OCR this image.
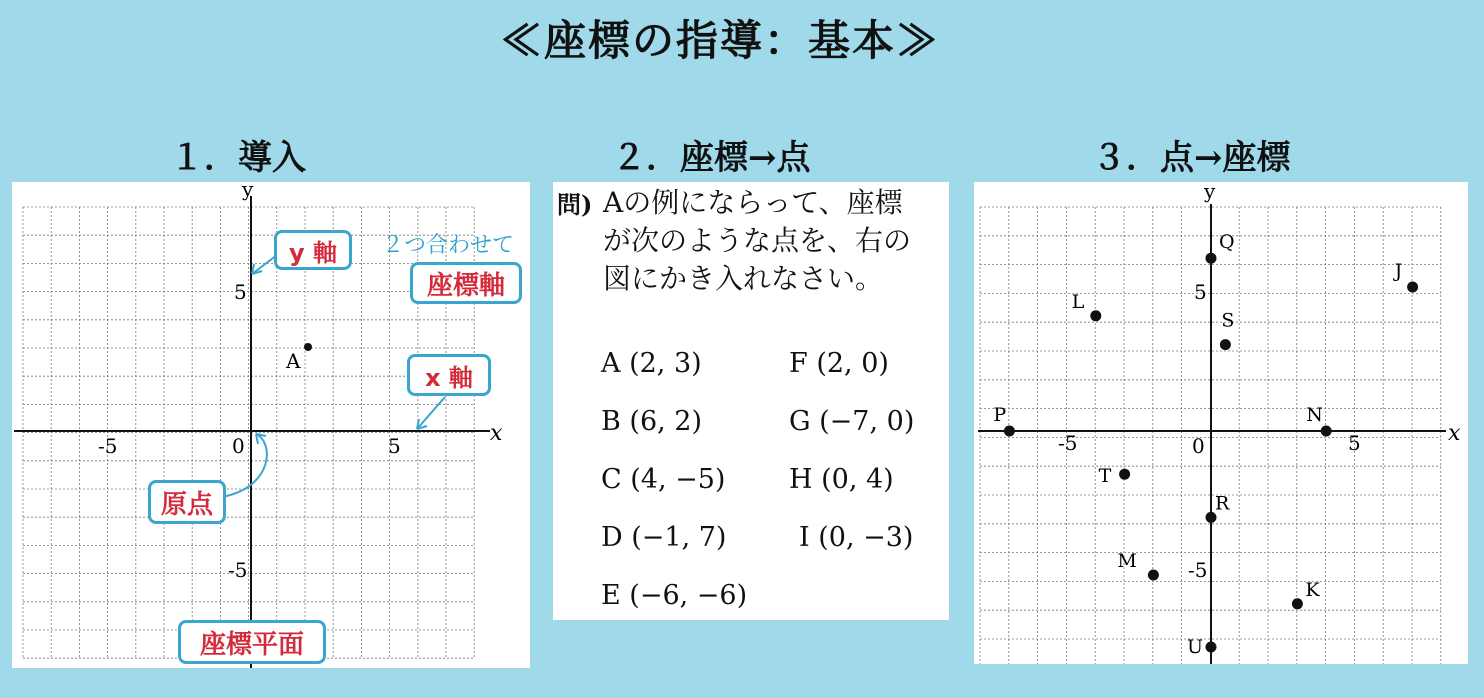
≪座標の指導：基本≫
１．導入	２．座標→点	３．点→座標
y
x
0
-5	5
5
-5
A
y 軸	２つ合わせて
座標軸
x 軸
原点
座標平面
問) Aの例にならって、座標
が次のような点を、右の
図にかき入れなさい。
A (2, 3)
B (6, 2)
C (4, −5)
D (−1, 7)
E (−6, −6)
F (2, 0)
G (−7, 0)
H (0, 4)
I (0, −3)
y
x
0
-5	5
5
-5
Q
J
L
S
P	N
T
R
M
K
U
